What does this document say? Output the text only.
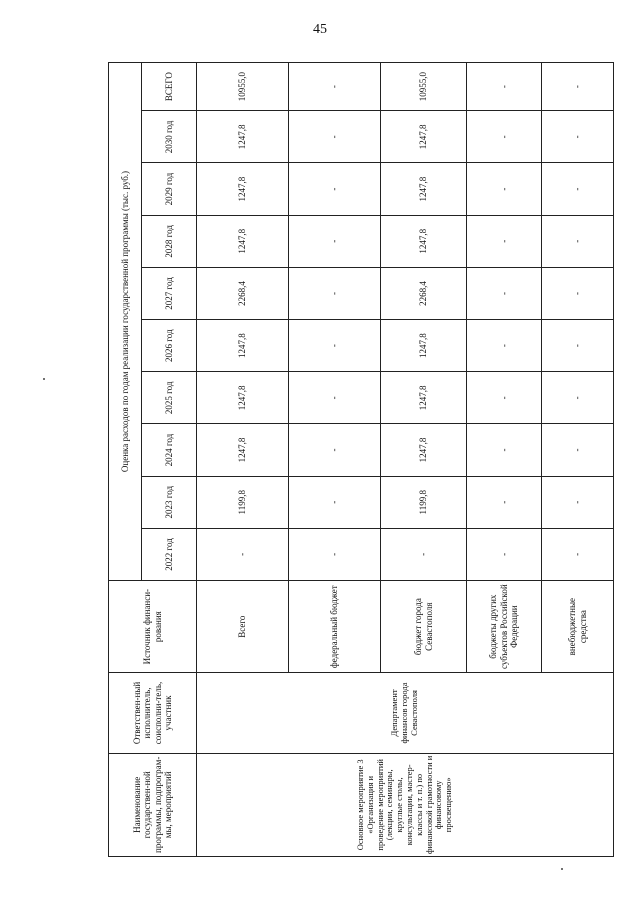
45
Наименование государствен-ной программы, подпрограм-мы, мероприятий	Ответствен-ный исполнитель, соисполни-тель, участник	Источник финанси-рования	Оценка расходов по годам реализации государственной программы (тыс. руб.)									
			2022 год	2023 год	2024 год	2025 год	2026 год	2027 год	2028 год	2029 год	2030 год	ВСЕГО
Основное мероприятие 3 «Организация и проведение мероприятий (лекции, семинары, круглые столы, консультации, мастер-классы и т. п.) по финансовой грамотности и финансовому просвещению»	Департамент финансов города Севастополя	Всего	-	1199,8	1247,8	1247,8	1247,8	2268,4	1247,8	1247,8	1247,8	10955,0
		федеральный бюджет	-	-	-	-	-	-	-	-	-	-
		бюджет города Севастополя	-	1199,8	1247,8	1247,8	1247,8	2268,4	1247,8	1247,8	1247,8	10955,0
		бюджеты других субъектов Российской Федерации	-	-	-	-	-	-	-	-	-	-
		внебюджетные средства	-	-	-	-	-	-	-	-	-	-
